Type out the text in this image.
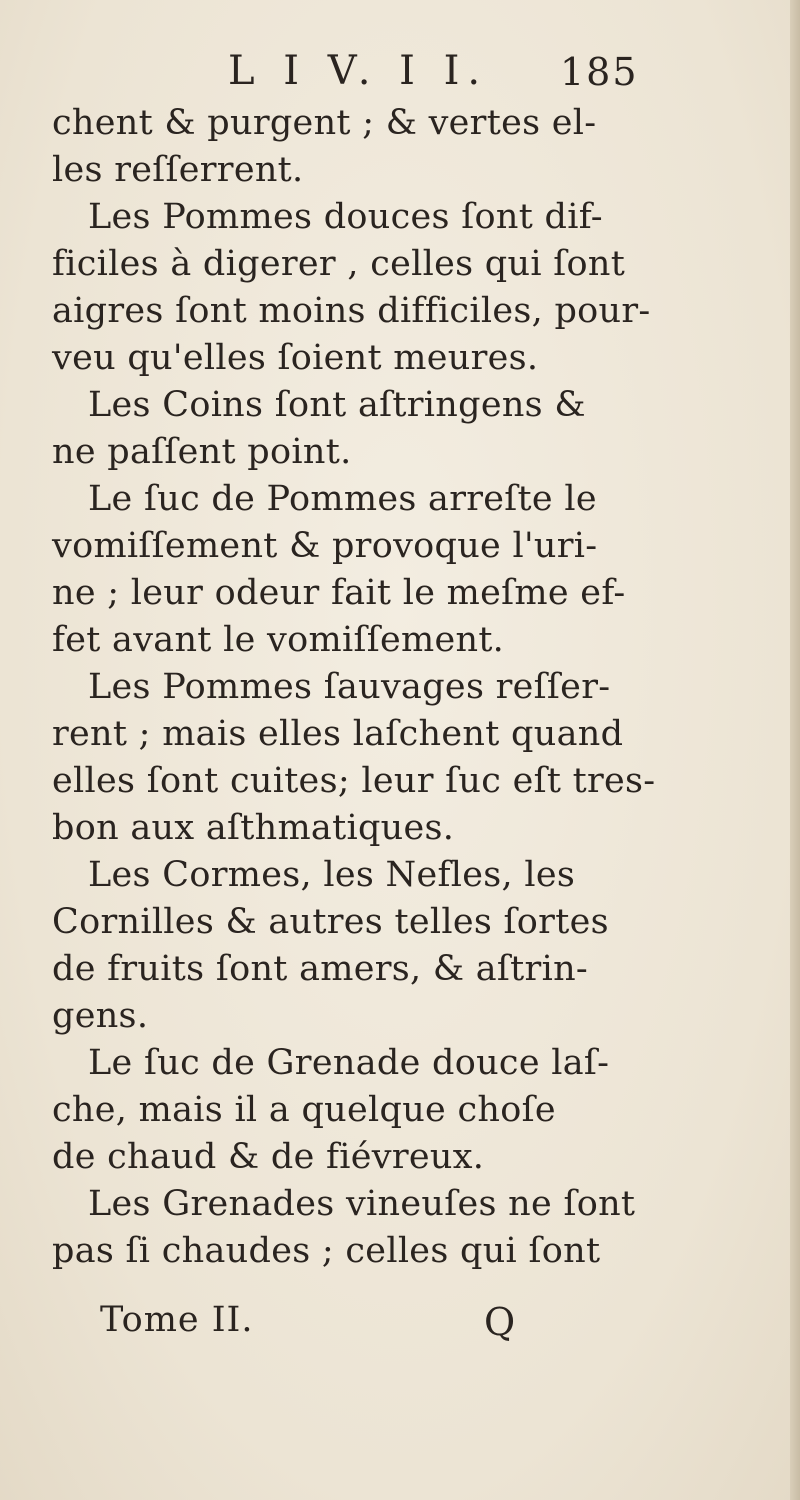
L I V. I I. 185
chent & purgent ; & vertes el-
les reſſerrent.
Les Pommes douces ſont dif-
ficiles à digerer , celles qui ſont
aigres ſont moins difficiles, pour-
veu qu'elles ſoient meures.
Les Coins ſont aſtringens &
ne paſſent point.
Le ſuc de Pommes arreſte le
vomiſſement & provoque l'uri-
ne ; leur odeur fait le meſme ef-
fet avant le vomiſſement.
Les Pommes ſauvages reſſer-
rent ; mais elles laſchent quand
elles ſont cuites; leur ſuc eſt tres-
bon aux aſthmatiques.
Les Cormes, les Nefles, les
Cornilles & autres telles ſortes
de fruits ſont amers, & aſtrin-
gens.
Le ſuc de Grenade douce laſ-
che, mais il a quelque choſe
de chaud & de fiévreux.
Les Grenades vineuſes ne ſont
pas ſi chaudes ; celles qui ſont
Tome II.	Q
